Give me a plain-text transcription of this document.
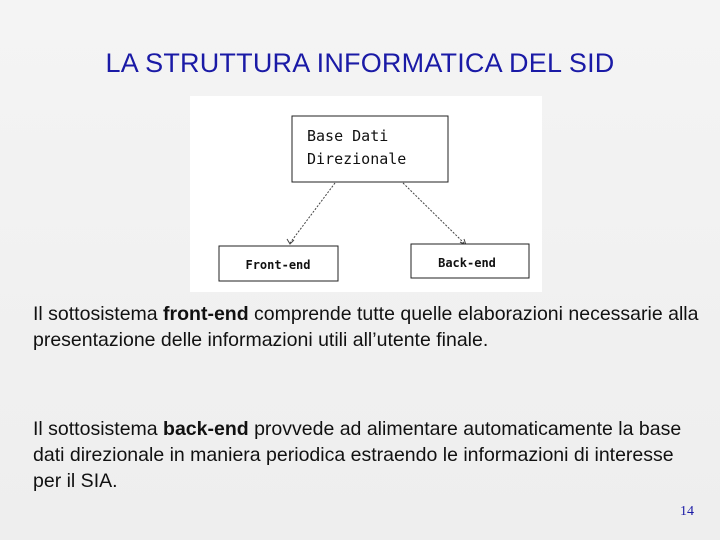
LA STRUTTURA INFORMATICA DEL SID
Base Dati
Direzionale
Front-end	Back-end

Il sottosistema front-end comprende tutte quelle elaborazioni necessarie alla presentazione delle informazioni utili all’utente finale.

Il sottosistema back-end provvede ad alimentare automaticamente la base dati direzionale in maniera periodica estraendo le informazioni di interesse per il SIA.

14
